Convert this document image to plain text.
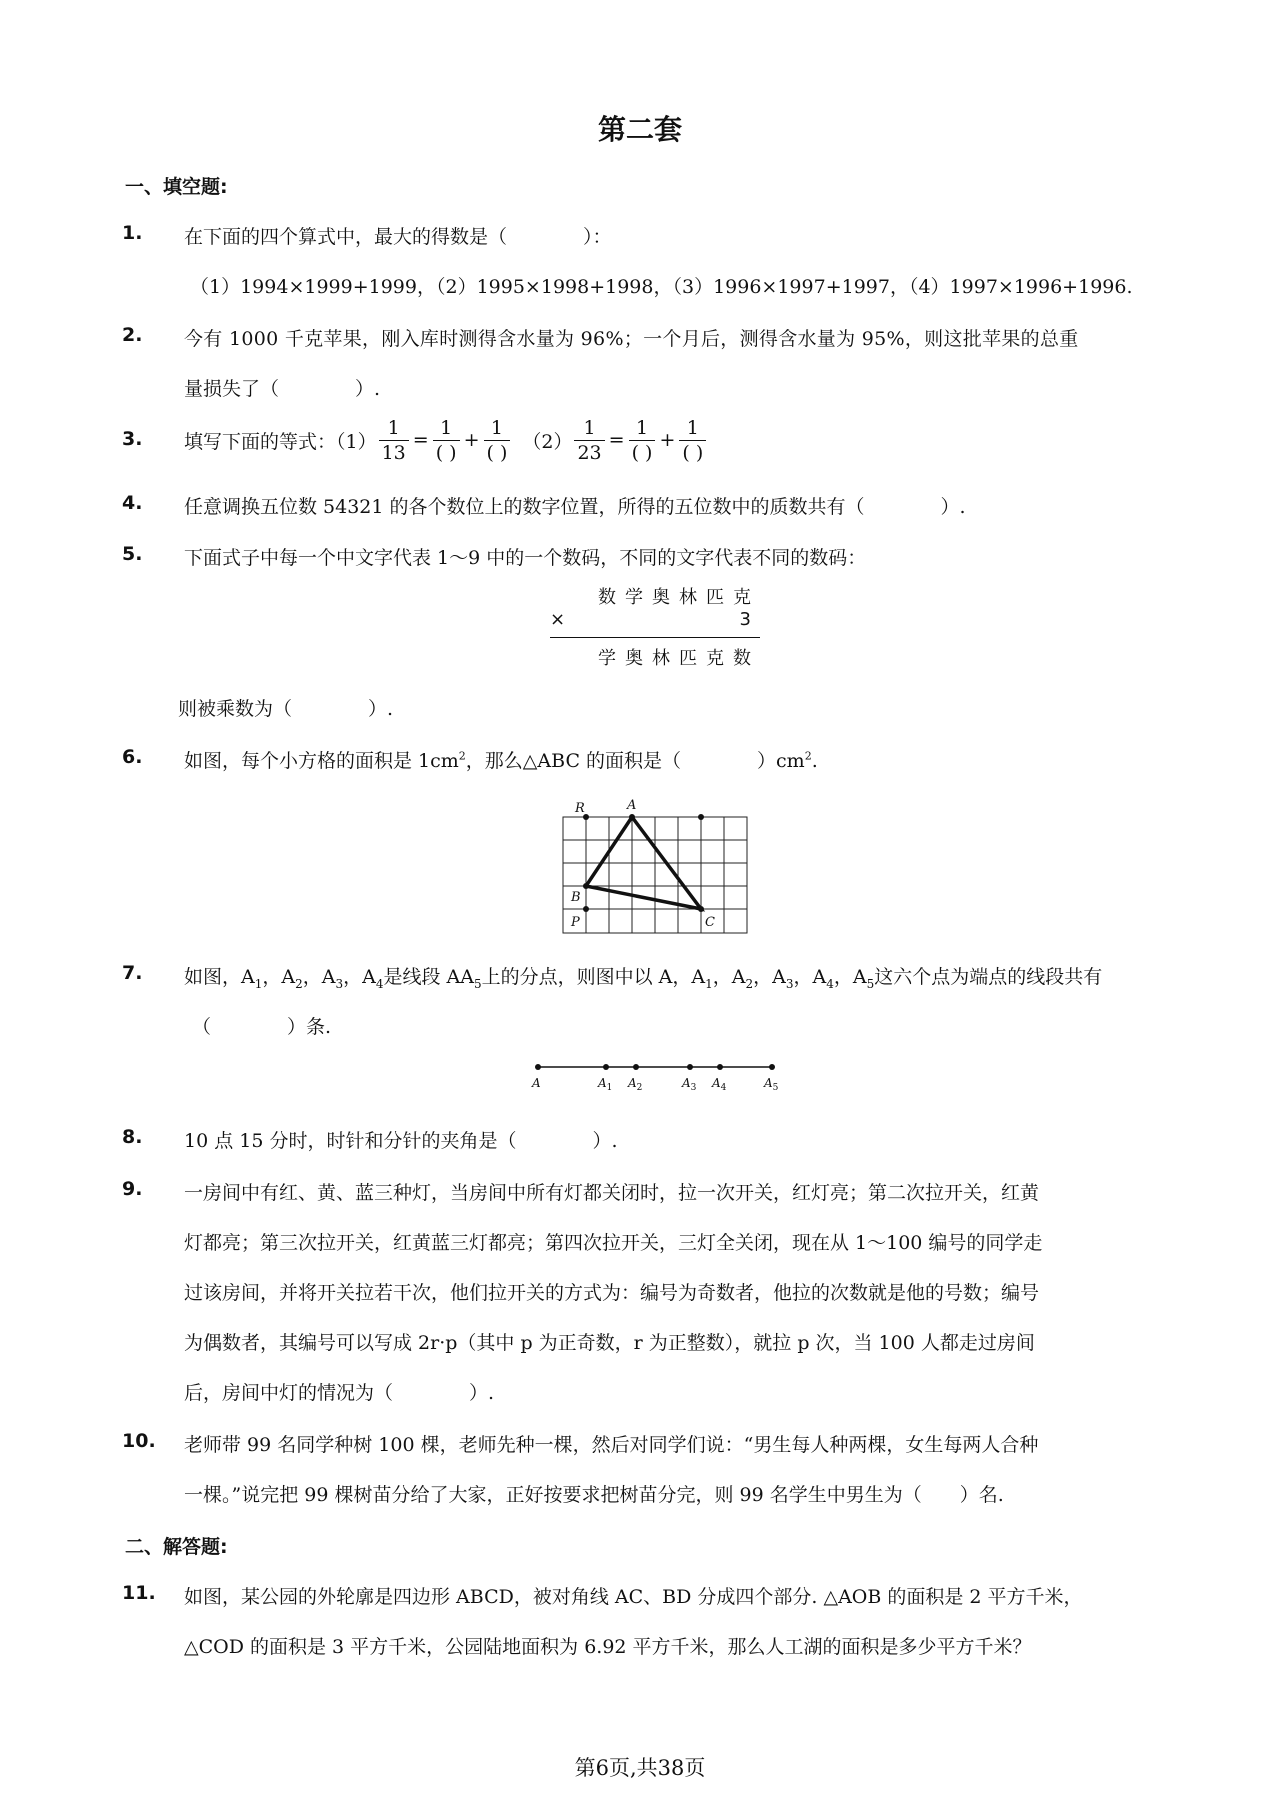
第二套
一、填空题:
1. 在下面的四个算式中，最大的得数是（　　　　）：
（1）1994×1999+1999，（2）1995×1998+1998，（3）1996×1997+1997，（4）1997×1996+1996.
2. 今有 1000 千克苹果，刚入库时测得含水量为 96%；一个月后，测得含水量为 95%，则这批苹果的总重
量损失了（　　　　）.
3. 填写下面的等式：$(1) \frac{1}{13} = \frac{1}{( )} + \frac{1}{( )} (2) \frac{1}{23} = \frac{1}{( )} + \frac{1}{( )}$
4. 任意调换五位数 54321 的各个数位上的数字位置，所得的五位数中的质数共有（　　　　）.
5. 下面式子中每一个中文字代表 1～9 中的一个数码，不同的文字代表不同的数码：
数学奥林匹克
×	3
学奥林匹克数
则被乘数为（　　　　）.
6. 如图，每个小方格的面积是 $1cm^2$，那么△ABC 的面积是（　　　　）$cm^2$.
R	A
B
P	C
7. 如图，$A_1$，$A_2$，$A_3$，$A_4$是线段 $AA_5$上的分点，则图中以 A，$A_1$，$A_2$，$A_3$，$A_4$，$A_5$这六个点为端点的线段共有
（　　　　）条.
A	$A_1$ $A_2$	$A_3$ $A_4$	$A_5$
8. 10 点 15 分时，时针和分针的夹角是（　　　　）.
9. 一房间中有红、黄、蓝三种灯，当房间中所有灯都关闭时，拉一次开关，红灯亮；第二次拉开关，红黄
灯都亮；第三次拉开关，红黄蓝三灯都亮；第四次拉开关，三灯全关闭，现在从 1～100 编号的同学走
过该房间，并将开关拉若干次，他们拉开关的方式为：编号为奇数者，他拉的次数就是他的号数；编号
为偶数者，其编号可以写成 2r·p（其中 p 为正奇数，r 为正整数），就拉 p 次，当 100 人都走过房间
后，房间中灯的情况为（　　　　）.
10. 老师带 99 名同学种树 100 棵，老师先种一棵，然后对同学们说：“男生每人种两棵，女生每两人合种
一棵。”说完把 99 棵树苗分给了大家，正好按要求把树苗分完，则 99 名学生中男生为（　　）名.
二、解答题:
11. 如图，某公园的外轮廓是四边形 ABCD，被对角线 AC、BD 分成四个部分. △AOB 的面积是 2 平方千米，
△COD 的面积是 3 平方千米，公园陆地面积为 6.92 平方千米，那么人工湖的面积是多少平方千米？
第6页,共38页
